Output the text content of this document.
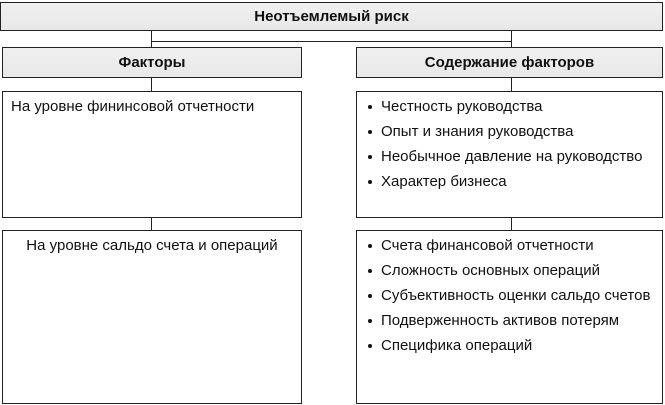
Неотъемлемый риск
Факторы	Содержание факторов
На уровне фининсовой отчетности	Честность руководства
Опыт и знания руководства
Необычное давление на руководство
Характер бизнеса
На уровне сальдо счета и операций	Счета финансовой отчетности
Сложность основных операций
Субъективность оценки сальдо счетов
Подверженность активов потерям
Специфика операций
